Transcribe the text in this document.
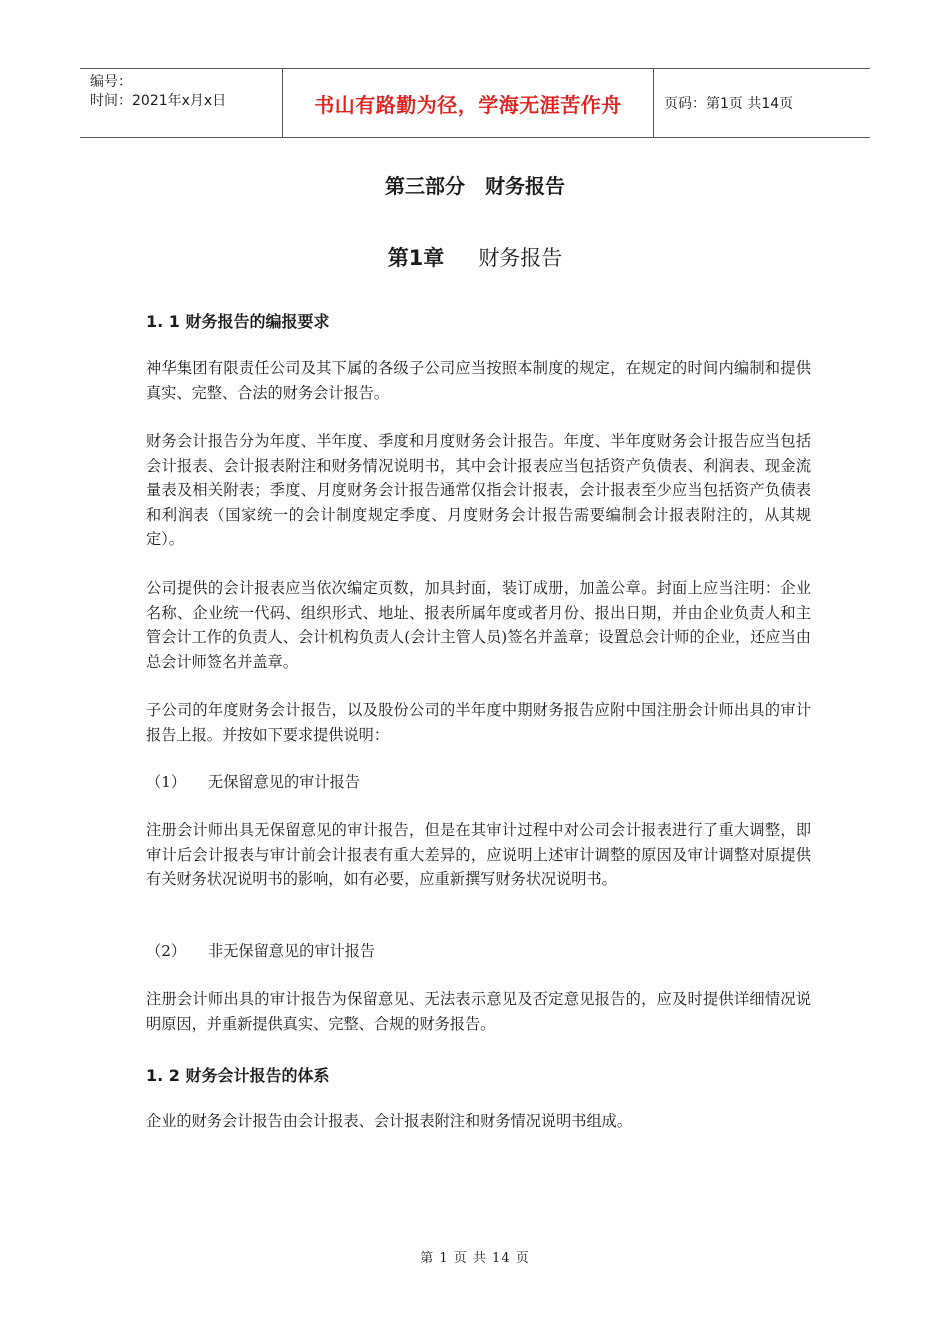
编号：
时间：2021年x月x日	书山有路勤为径，学海无涯苦作舟	页码：第1页 共14页
第三部分　财务报告
第1章 财务报告
1. 1 财务报告的编报要求

神华集团有限责任公司及其下属的各级子公司应当按照本制度的规定，在规定的时间内编制和提供真实、完整、合法的财务会计报告。

财务会计报告分为年度、半年度、季度和月度财务会计报告。年度、半年度财务会计报告应当包括会计报表、会计报表附注和财务情况说明书，其中会计报表应当包括资产负债表、利润表、现金流量表及相关附表；季度、月度财务会计报告通常仅指会计报表，会计报表至少应当包括资产负债表和利润表（国家统一的会计制度规定季度、月度财务会计报告需要编制会计报表附注的，从其规定）。

公司提供的会计报表应当依次编定页数，加具封面，装订成册，加盖公章。封面上应当注明：企业名称、企业统一代码、组织形式、地址、报表所属年度或者月份、报出日期，并由企业负责人和主管会计工作的负责人、会计机构负责人(会计主管人员)签名并盖章；设置总会计师的企业，还应当由总会计师签名并盖章。

子公司的年度财务会计报告，以及股份公司的半年度中期财务报告应附中国注册会计师出具的审计报告上报。并按如下要求提供说明：

（1） 无保留意见的审计报告

注册会计师出具无保留意见的审计报告，但是在其审计过程中对公司会计报表进行了重大调整，即审计后会计报表与审计前会计报表有重大差异的，应说明上述审计调整的原因及审计调整对原提供有关财务状况说明书的影响，如有必要，应重新撰写财务状况说明书。

（2） 非无保留意见的审计报告

注册会计师出具的审计报告为保留意见、无法表示意见及否定意见报告的，应及时提供详细情况说明原因，并重新提供真实、完整、合规的财务报告。

1. 2 财务会计报告的体系

企业的财务会计报告由会计报表、会计报表附注和财务情况说明书组成。

第 1 页 共 14 页
